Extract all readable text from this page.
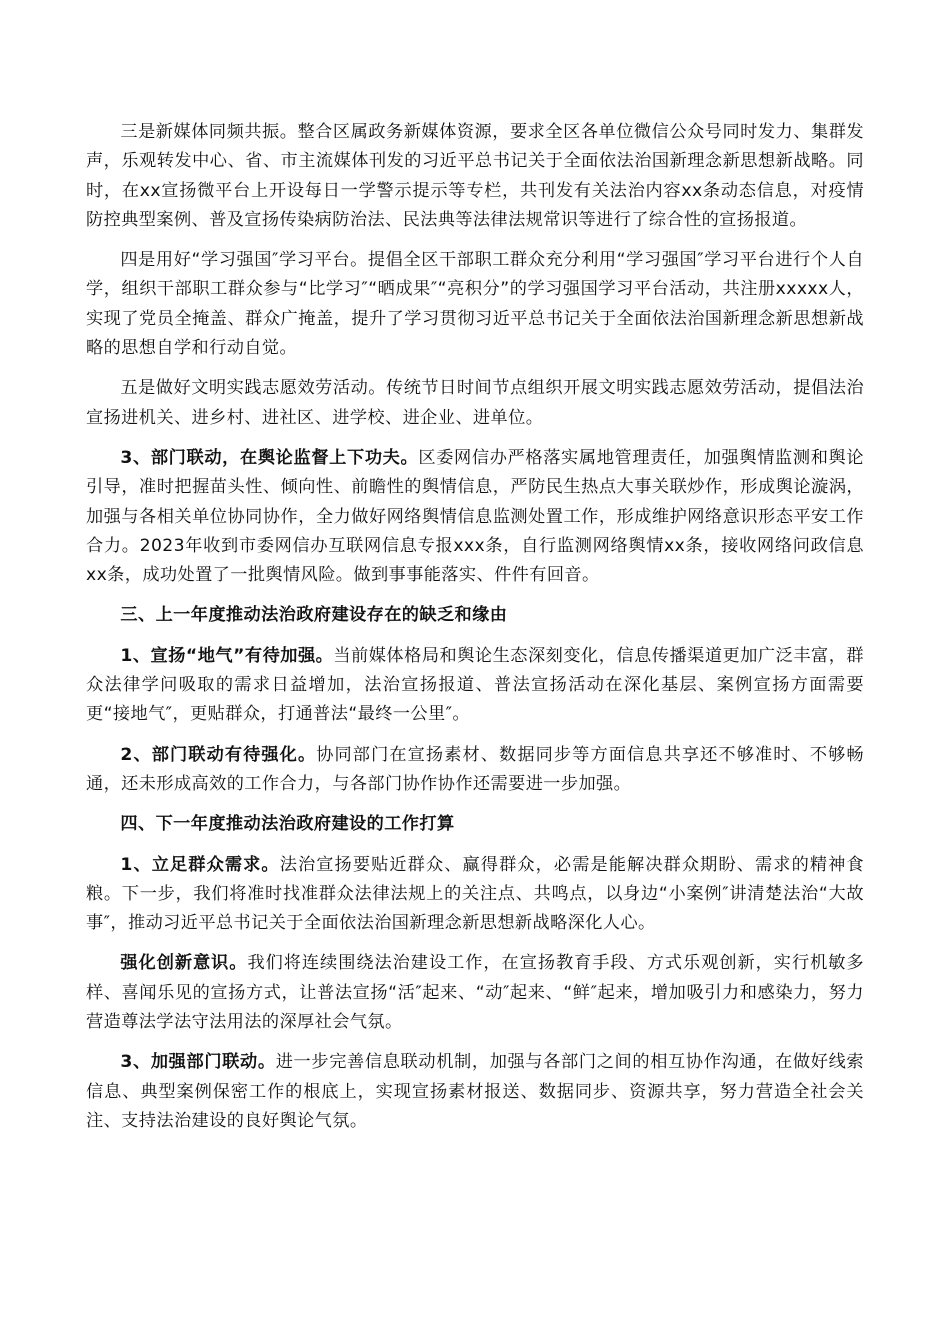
三是新媒体同频共振。整合区属政务新媒体资源，要求全区各单位微信公众号同时发力、集群发声，乐观转发中心、省、市主流媒体刊发的习近平总书记关于全面依法治国新理念新思想新战略。同时，在xx宣扬微平台上开设每日一学警示提示等专栏，共刊发有关法治内容xx条动态信息，对疫情防控典型案例、普及宣扬传染病防治法、民法典等法律法规常识等进行了综合性的宣扬报道。

四是用好“学习强国″学习平台。提倡全区干部职工群众充分利用“学习强国″学习平台进行个人自学，组织干部职工群众参与“比学习″“晒成果″“亮积分”的学习强国学习平台活动，共注册xxxxx人，实现了党员全掩盖、群众广掩盖，提升了学习贯彻习近平总书记关于全面依法治国新理念新思想新战略的思想自学和行动自觉。

五是做好文明实践志愿效劳活动。传统节日时间节点组织开展文明实践志愿效劳活动，提倡法治宣扬进机关、进乡村、进社区、进学校、进企业、进单位。

3、部门联动，在舆论监督上下功夫。区委网信办严格落实属地管理责任，加强舆情监测和舆论引导，准时把握苗头性、倾向性、前瞻性的舆情信息，严防民生热点大事关联炒作，形成舆论漩涡，加强与各相关单位协同协作，全力做好网络舆情信息监测处置工作，形成维护网络意识形态平安工作合力。2023年收到市委网信办互联网信息专报xxx条，自行监测网络舆情xx条，接收网络问政信息xx条，成功处置了一批舆情风险。做到事事能落实、件件有回音。

三、上一年度推动法治政府建设存在的缺乏和缘由

1、宣扬“地气”有待加强。当前媒体格局和舆论生态深刻变化，信息传播渠道更加广泛丰富，群众法律学问吸取的需求日益增加，法治宣扬报道、普法宣扬活动在深化基层、案例宣扬方面需要更“接地气″，更贴群众，打通普法“最终一公里″。

2、部门联动有待强化。协同部门在宣扬素材、数据同步等方面信息共享还不够准时、不够畅通，还未形成高效的工作合力，与各部门协作协作还需要进一步加强。

四、下一年度推动法治政府建设的工作打算

1、立足群众需求。法治宣扬要贴近群众、赢得群众，必需是能解决群众期盼、需求的精神食粮。下一步，我们将准时找准群众法律法规上的关注点、共鸣点，以身边“小案例″讲清楚法治“大故事″，推动习近平总书记关于全面依法治国新理念新思想新战略深化人心。

强化创新意识。我们将连续围绕法治建设工作，在宣扬教育手段、方式乐观创新，实行机敏多样、喜闻乐见的宣扬方式，让普法宣扬“活″起来、“动″起来、“鲜″起来，增加吸引力和感染力，努力营造尊法学法守法用法的深厚社会气氛。

3、加强部门联动。进一步完善信息联动机制，加强与各部门之间的相互协作沟通，在做好线索信息、典型案例保密工作的根底上，实现宣扬素材报送、数据同步、资源共享，努力营造全社会关注、支持法治建设的良好舆论气氛。
